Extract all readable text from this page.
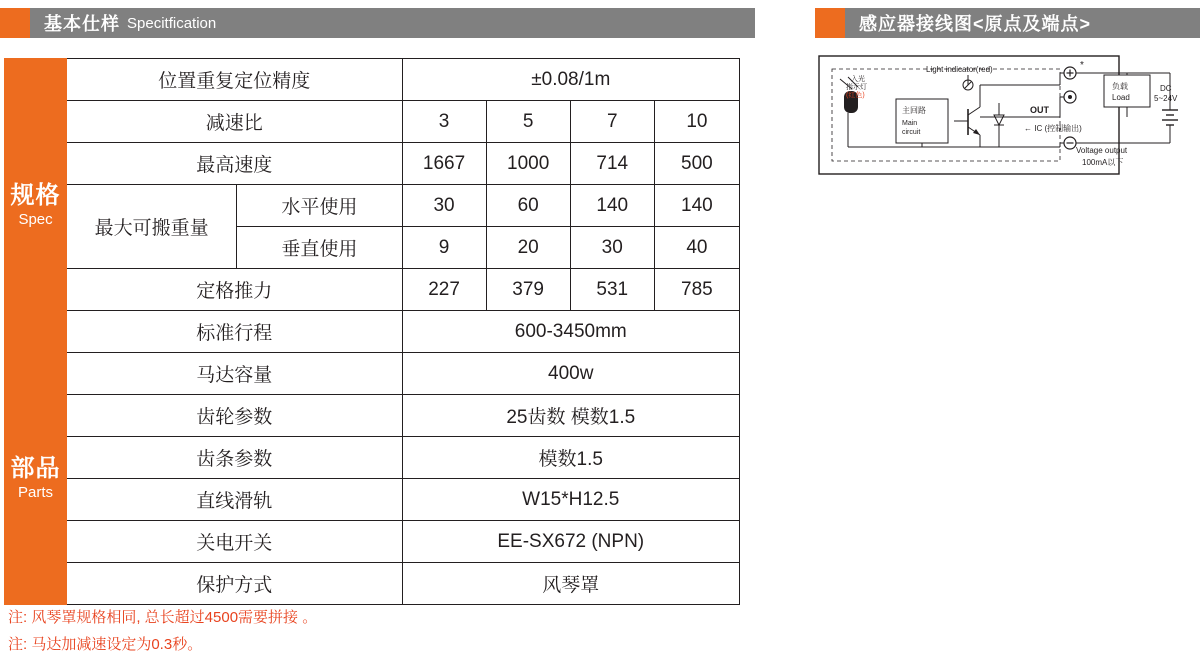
基本仕样 Specitfication	感应器接线图<原点及端点>
规格
Spec	位置重复定位精度		±0.08/1m			
	减速比		3	5	7	10
	最高速度		1667	1000	714	500
	最大可搬重量	水平使用	30	60	140	140
		垂直使用	9	20	30	40
	定格推力		227	379	531	785
	标准行程		600-3450mm			

部品
Parts	马达容量		400w			
	齿轮参数		25齿数 模数1.5			
	齿条参数		模数1.5			
	直线滑轨		W15*H12.5			
	关电开关		EE-SX672 (NPN)			
	保护方式		风琴罩			
注: 风琴罩规格相同, 总长超过4500需要拼接 。
注: 马达加减速设定为0.3秒。
入光
指示灯
(红色)
主回路
Main
circuit
Light indicator(red)	*
OUT
← IC (控制输出)
负载
Load
DC
5~24V
Voltage output
100mA以下
